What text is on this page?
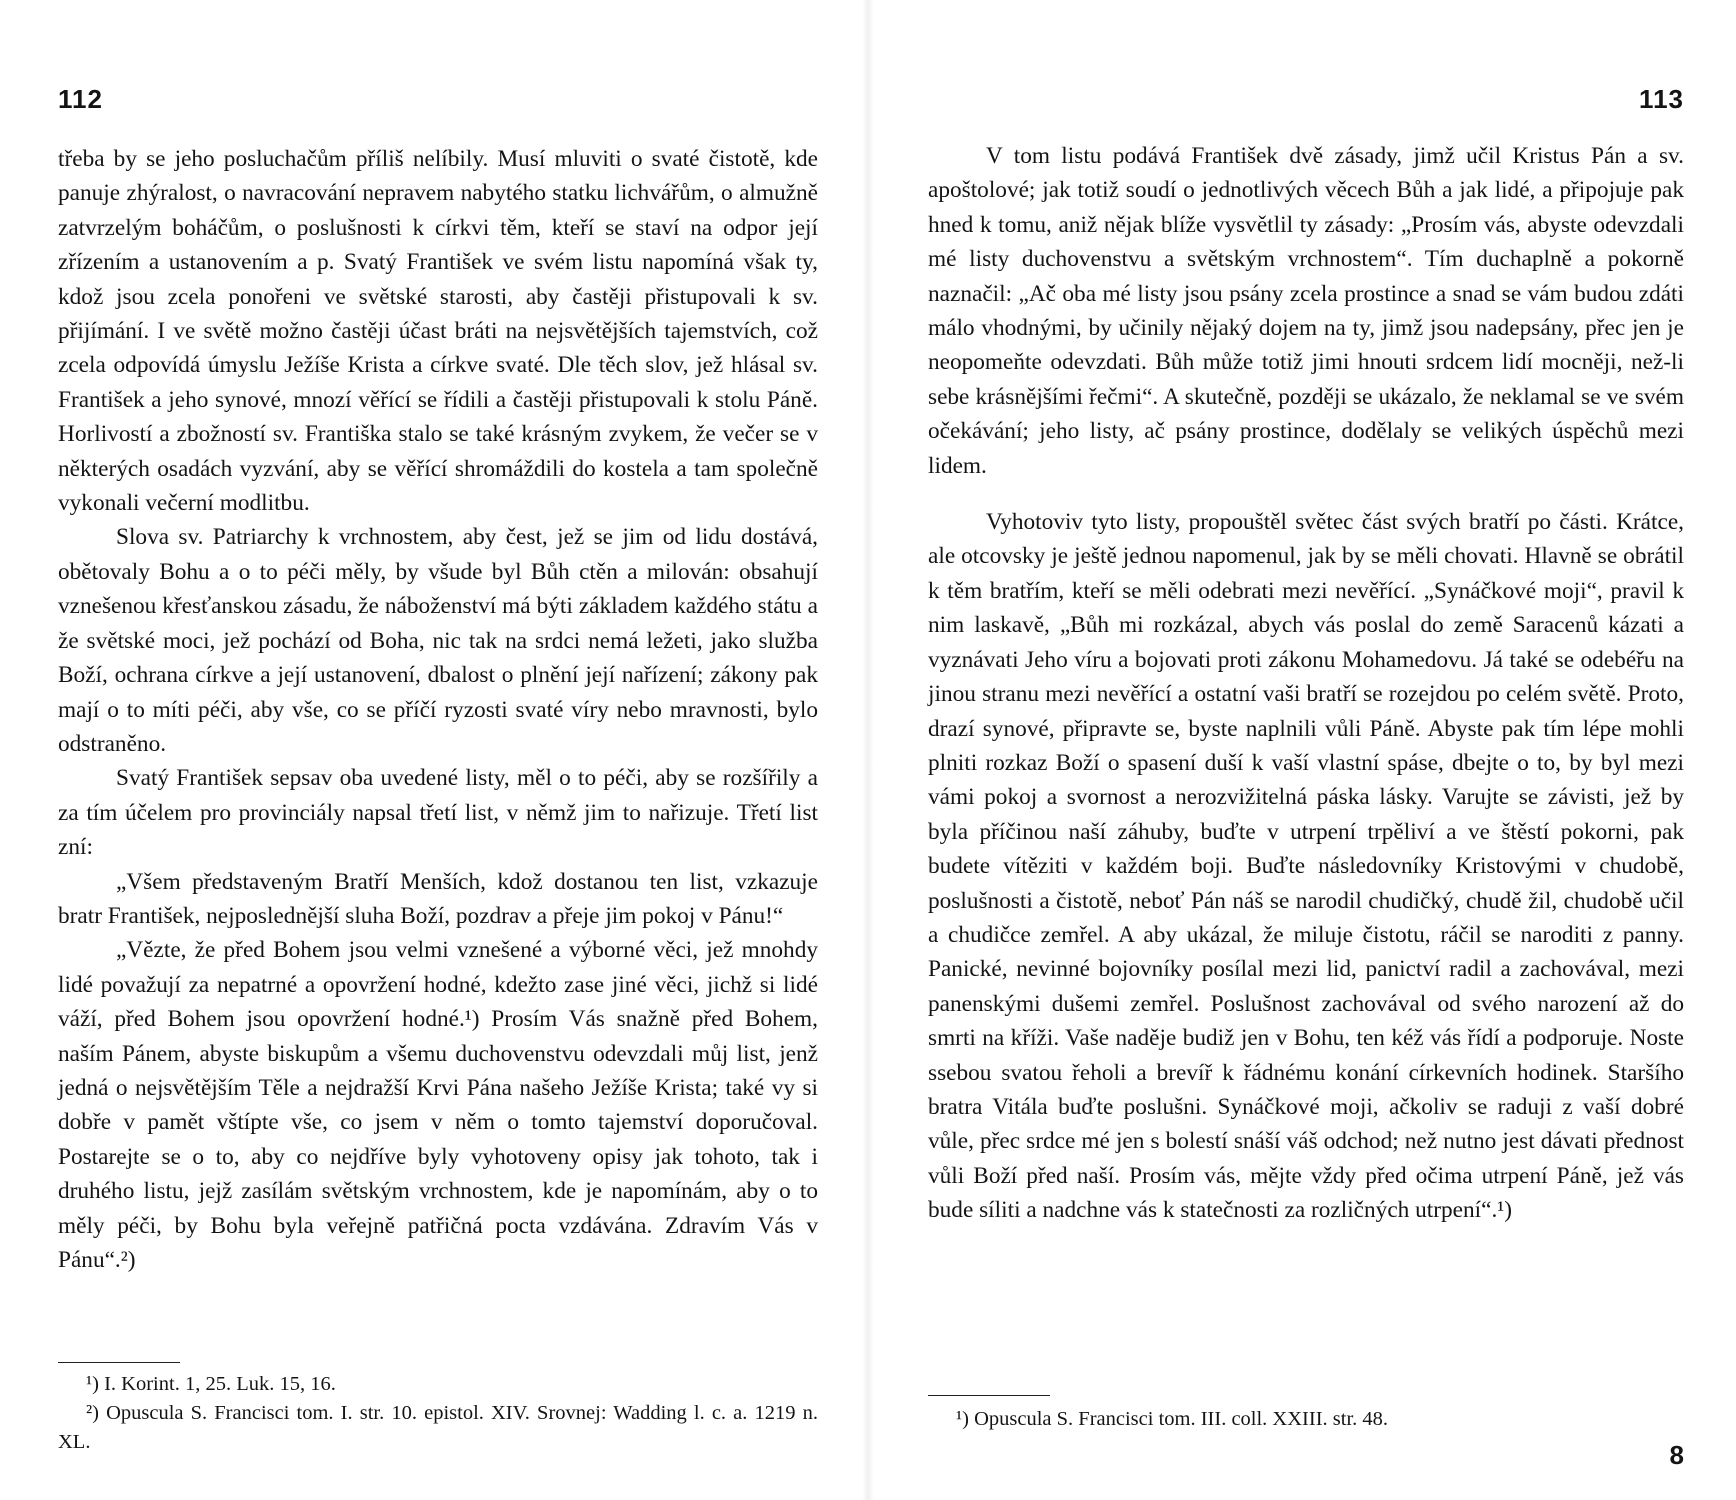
112

třeba by se jeho posluchačům příliš nelíbily. Musí mluviti o svaté čistotě, kde panuje zhýralost, o navracování nepravem nabytého statku lichvářům, o almužně zatvrzelým boháčům, o poslušnosti k církvi těm, kteří se staví na odpor její zřízením a ustanovením a p. Svatý František ve svém listu napomíná však ty, kdož jsou zcela ponořeni ve světské starosti, aby častěji přistupovali k sv. přijímání. I ve světě možno častěji účast bráti na nejsvětějších tajemstvích, což zcela odpovídá úmyslu Ježíše Krista a církve svaté. Dle těch slov, jež hlásal sv. František a jeho synové, mnozí věřící se řídili a častěji přistupovali k stolu Páně. Horlivostí a zbožností sv. Františka stalo se také krásným zvykem, že večer se v některých osadách vyzvání, aby se věřící shromáždili do kostela a tam společně vykonali večerní modlitbu.

Slova sv. Patriarchy k vrchnostem, aby čest, jež se jim od lidu dostává, obětovaly Bohu a o to péči měly, by všude byl Bůh ctěn a milován: obsahují vznešenou křesťanskou zásadu, že náboženství má býti základem každého státu a že světské moci, jež pochází od Boha, nic tak na srdci nemá ležeti, jako služba Boží, ochrana církve a její ustanovení, dbalost o plnění její nařízení; zákony pak mají o to míti péči, aby vše, co se příčí ryzosti svaté víry nebo mravnosti, bylo odstraněno.

Svatý František sepsav oba uvedené listy, měl o to péči, aby se rozšířily a za tím účelem pro provinciály napsal třetí list, v němž jim to nařizuje. Třetí list zní:

„Všem představeným Bratří Menších, kdož dostanou ten list, vzkazuje bratr František, nejposlednější sluha Boží, pozdrav a přeje jim pokoj v Pánu!“

„Vězte, že před Bohem jsou velmi vznešené a výborné věci, jež mnohdy lidé považují za nepatrné a opovržení hodné, kdežto zase jiné věci, jichž si lidé váží, před Bohem jsou opovržení hodné.¹) Prosím Vás snažně před Bohem, naším Pánem, abyste biskupům a všemu duchovenstvu odevzdali můj list, jenž jedná o nejsvětějším Těle a nejdražší Krvi Pána našeho Ježíše Krista; také vy si dobře v pamět vštípte vše, co jsem v něm o tomto tajemství doporučoval. Postarejte se o to, aby co nejdříve byly vyhotoveny opisy jak tohoto, tak i druhého listu, jejž zasílám světským vrchnostem, kde je napomínám, aby o to měly péči, by Bohu byla veřejně patřičná pocta vzdávána. Zdravím Vás v Pánu“.²)

¹) I. Korint. 1, 25. Luk. 15, 16.

²) Opuscula S. Francisci tom. I. str. 10. epistol. XIV. Srovnej: Wadding l. c. a. 1219 n. XL.

113

V tom listu podává František dvě zásady, jimž učil Kristus Pán a sv. apoštolové; jak totiž soudí o jednotlivých věcech Bůh a jak lidé, a připojuje pak hned k tomu, aniž nějak blíže vysvětlil ty zásady: „Prosím vás, abyste odevzdali mé listy duchovenstvu a světským vrchnostem“. Tím duchaplně a pokorně naznačil: „Ač oba mé listy jsou psány zcela prostince a snad se vám budou zdáti málo vhodnými, by učinily nějaký dojem na ty, jimž jsou nadepsány, přec jen je neopomeňte odevzdati. Bůh může totiž jimi hnouti srdcem lidí mocněji, než-li sebe krásnějšími řečmi“. A skutečně, později se ukázalo, že neklamal se ve svém očekávání; jeho listy, ač psány prostince, dodělaly se velikých úspěchů mezi lidem.

Vyhotoviv tyto listy, propouštěl světec část svých bratří po části. Krátce, ale otcovsky je ještě jednou napomenul, jak by se měli chovati. Hlavně se obrátil k těm bratřím, kteří se měli odebrati mezi nevěřící. „Synáčkové moji“, pravil k nim laskavě, „Bůh mi rozkázal, abych vás poslal do země Saracenů kázati a vyznávati Jeho víru a bojovati proti zákonu Mohamedovu. Já také se odebéřu na jinou stranu mezi nevěřící a ostatní vaši bratří se rozejdou po celém světě. Proto, drazí synové, připravte se, byste naplnili vůli Páně. Abyste pak tím lépe mohli plniti rozkaz Boží o spasení duší k vaší vlastní spáse, dbejte o to, by byl mezi vámi pokoj a svornost a nerozvižitelná páska lásky. Varujte se závisti, jež by byla příčinou naší záhuby, buďte v utrpení trpěliví a ve štěstí pokorni, pak budete vítěziti v každém boji. Buďte následovníky Kristovými v chudobě, poslušnosti a čistotě, neboť Pán náš se narodil chudičký, chudě žil, chudobě učil a chudičce zemřel. A aby ukázal, že miluje čistotu, ráčil se naroditi z panny. Panické, nevinné bojovníky posílal mezi lid, panictví radil a zachovával, mezi panenskými dušemi zemřel. Poslušnost zachovával od svého narození až do smrti na kříži. Vaše naděje budiž jen v Bohu, ten kéž vás řídí a podporuje. Noste ssebou svatou řeholi a brevíř k řádnému konání církevních hodinek. Staršího bratra Vitála buďte poslušni. Synáčkové moji, ačkoliv se raduji z vaší dobré vůle, přec srdce mé jen s bolestí snáší váš odchod; než nutno jest dávati přednost vůli Boží před naší. Prosím vás, mějte vždy před očima utrpení Páně, jež vás bude síliti a nadchne vás k statečnosti za rozličných utrpení“.¹)

¹) Opuscula S. Francisci tom. III. coll. XXIII. str. 48.

8
